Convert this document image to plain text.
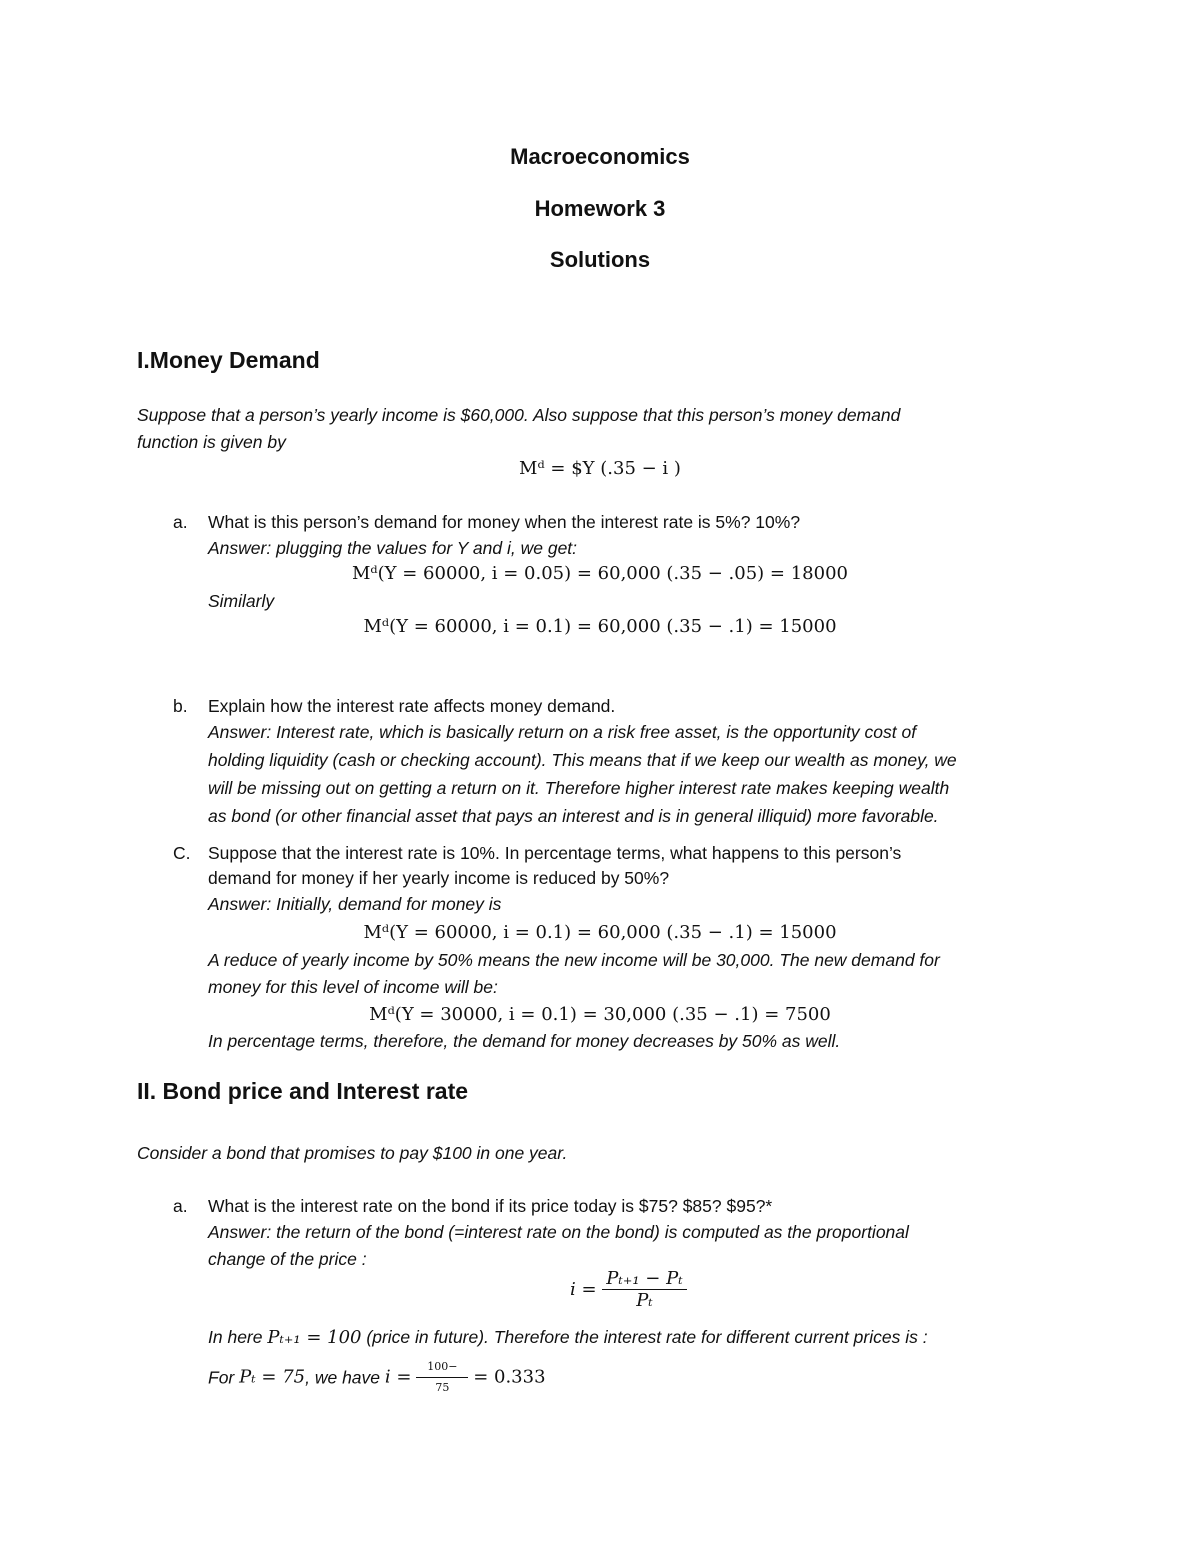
Macroeconomics
Homework 3
Solutions
I.Money Demand
Suppose that a person’s yearly income is $60,000. Also suppose that this person’s money demand
function is given by
Mᵈ = $Y (.35 − i )
a. What is this person’s demand for money when the interest rate is 5%? 10%?
Answer: plugging the values for Y and i, we get:
Mᵈ(Y = 60000, i = 0.05) = 60,000 (.35 − .05) = 18000
Similarly
Mᵈ(Y = 60000, i = 0.1) = 60,000 (.35 − .1) = 15000
b. Explain how the interest rate affects money demand.
Answer: Interest rate, which is basically return on a risk free asset, is the opportunity cost of
holding liquidity (cash or checking account). This means that if we keep our wealth as money, we
will be missing out on getting a return on it. Therefore higher interest rate makes keeping wealth
as bond (or other financial asset that pays an interest and is in general illiquid) more favorable.
C. Suppose that the interest rate is 10%. In percentage terms, what happens to this person’s
demand for money if her yearly income is reduced by 50%?
Answer: Initially, demand for money is
Mᵈ(Y = 60000, i = 0.1) = 60,000 (.35 − .1) = 15000
A reduce of yearly income by 50% means the new income will be 30,000. The new demand for
money for this level of income will be:
Mᵈ(Y = 30000, i = 0.1) = 30,000 (.35 − .1) = 7500
In percentage terms, therefore, the demand for money decreases by 50% as well.
II. Bond price and Interest rate
Consider a bond that promises to pay $100 in one year.
a. What is the interest rate on the bond if its price today is $75? $85? $95?*
Answer: the return of the bond (=interest rate on the bond) is computed as the proportional
change of the price :
$i = \frac{\text{Pₜ₊₁ − Pₜ}}{\text{Pₜ}}$
In here Pₜ₊₁ = 100 (price in future). Therefore the interest rate for different current prices is :
For Pₜ = 75, we have $i = \frac{100-}{75} = 0.333$
